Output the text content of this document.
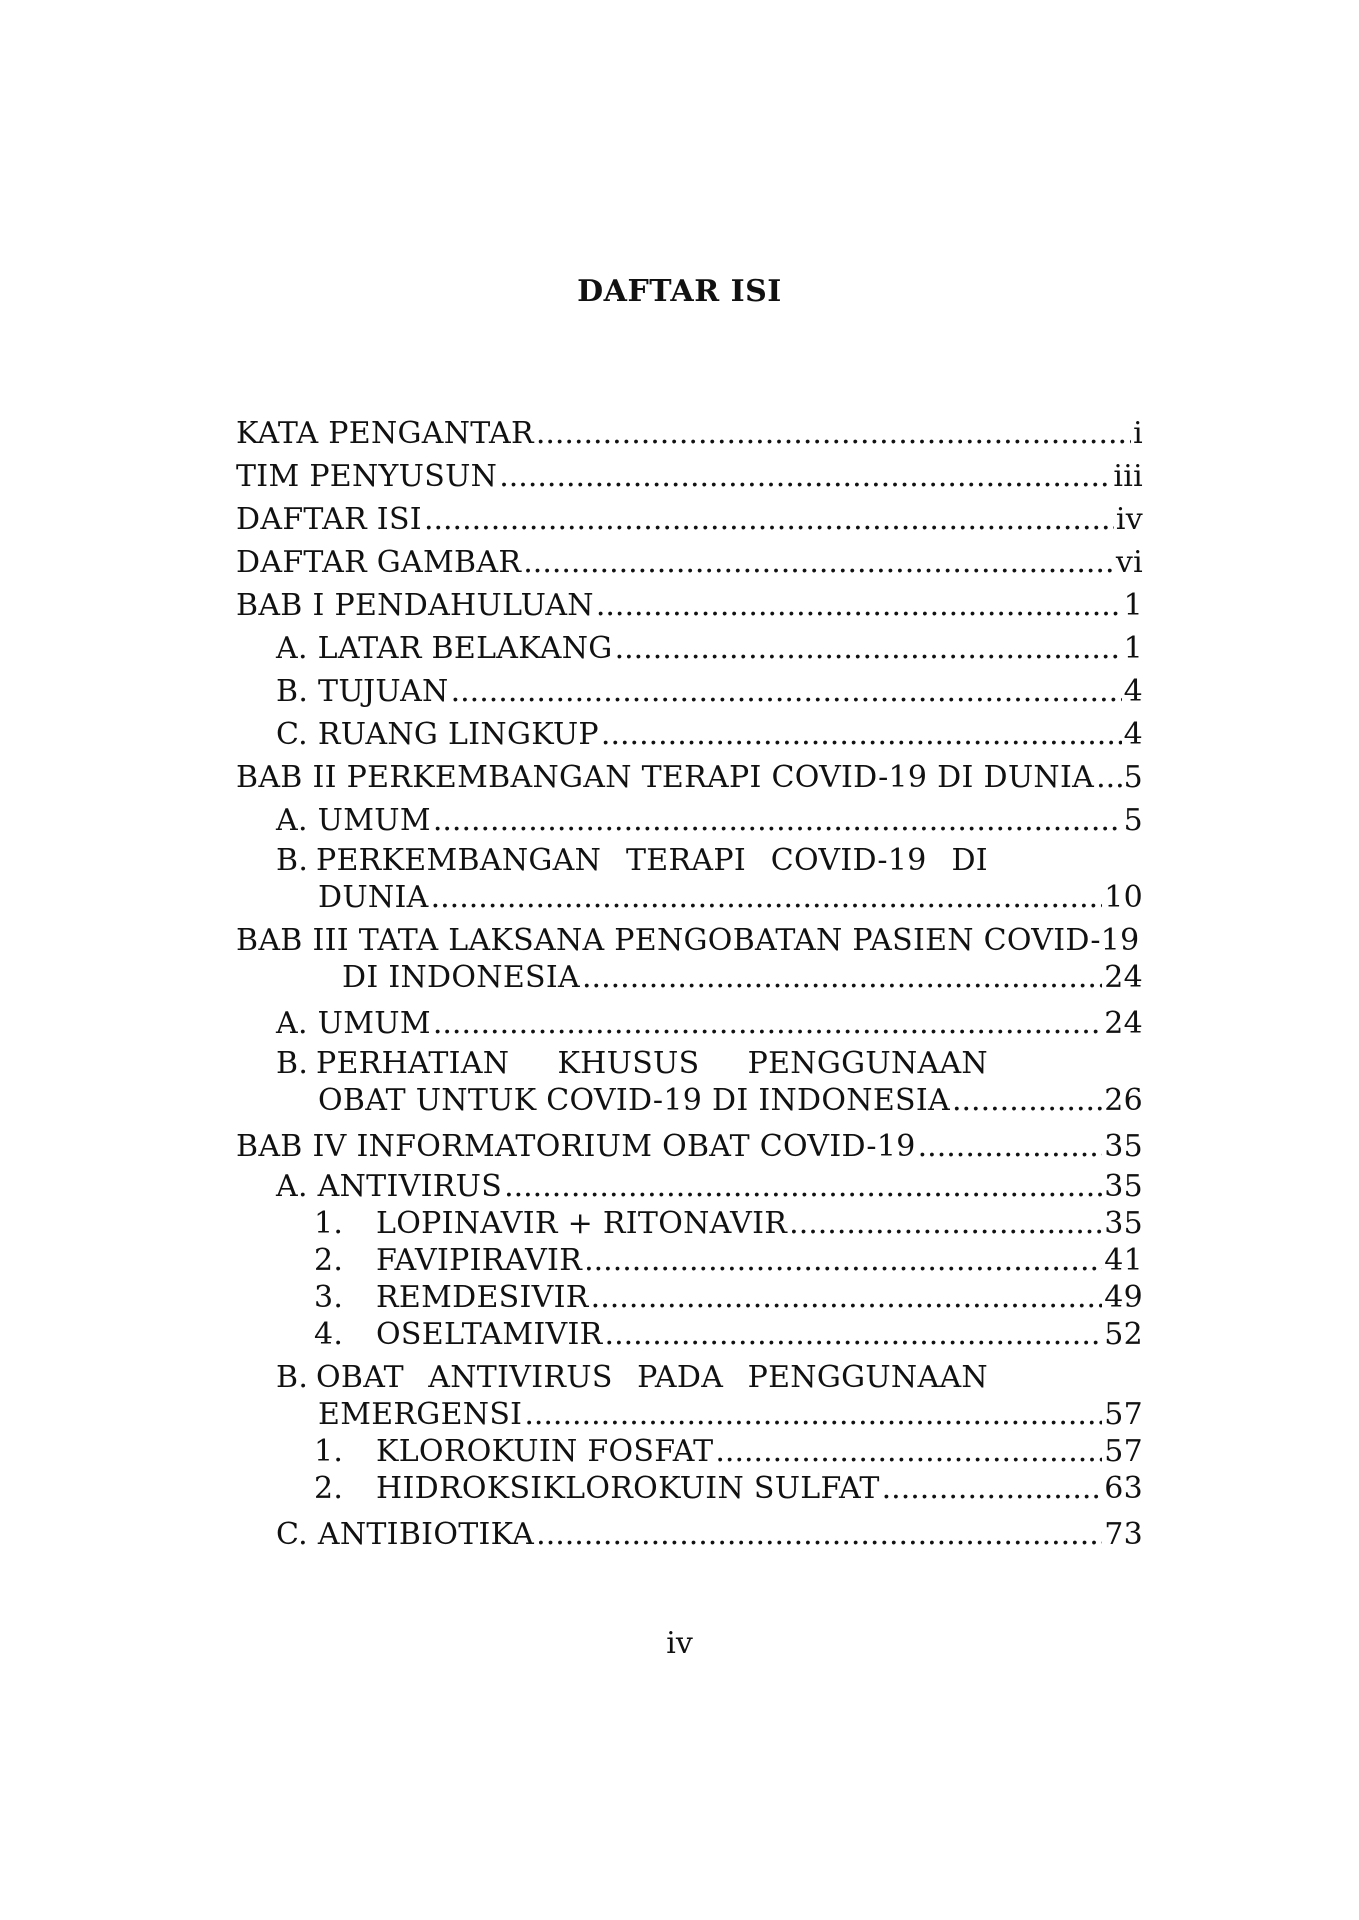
DAFTAR ISI
KATA PENGANTAR .....	i
TIM PENYUSUN .....	iii
DAFTAR ISI .....	iv
DAFTAR GAMBAR .....	vi
BAB I PENDAHULUAN .....	1
A. LATAR BELAKANG .....	1
B. TUJUAN .....	4
C. RUANG LINGKUP .....	4
BAB II PERKEMBANGAN TERAPI COVID-19 DI DUNIA ..... 5
A. UMUM .....	5
B. PERKEMBANGAN TERAPI COVID-19 DI
DUNIA .....	10
BAB III TATA LAKSANA PENGOBATAN PASIEN COVID-19
DI INDONESIA .....	24
A. UMUM .....	24
B. PERHATIAN KHUSUS PENGGUNAAN
OBAT UNTUK COVID-19 DI INDONESIA .....	26
BAB IV INFORMATORIUM OBAT COVID-19 .....	35
A. ANTIVIRUS .....	35
1.	LOPINAVIR + RITONAVIR .....	35
2.	FAVIPIRAVIR .....	41
3.	REMDESIVIR .....	49
4.	OSELTAMIVIR .....	52
B. OBAT ANTIVIRUS PADA PENGGUNAAN
EMERGENSI .....	57
1.	KLOROKUIN FOSFAT .....	57
2.	HIDROKSIKLOROKUIN SULFAT .....	63
C. ANTIBIOTIKA .....	73
iv
